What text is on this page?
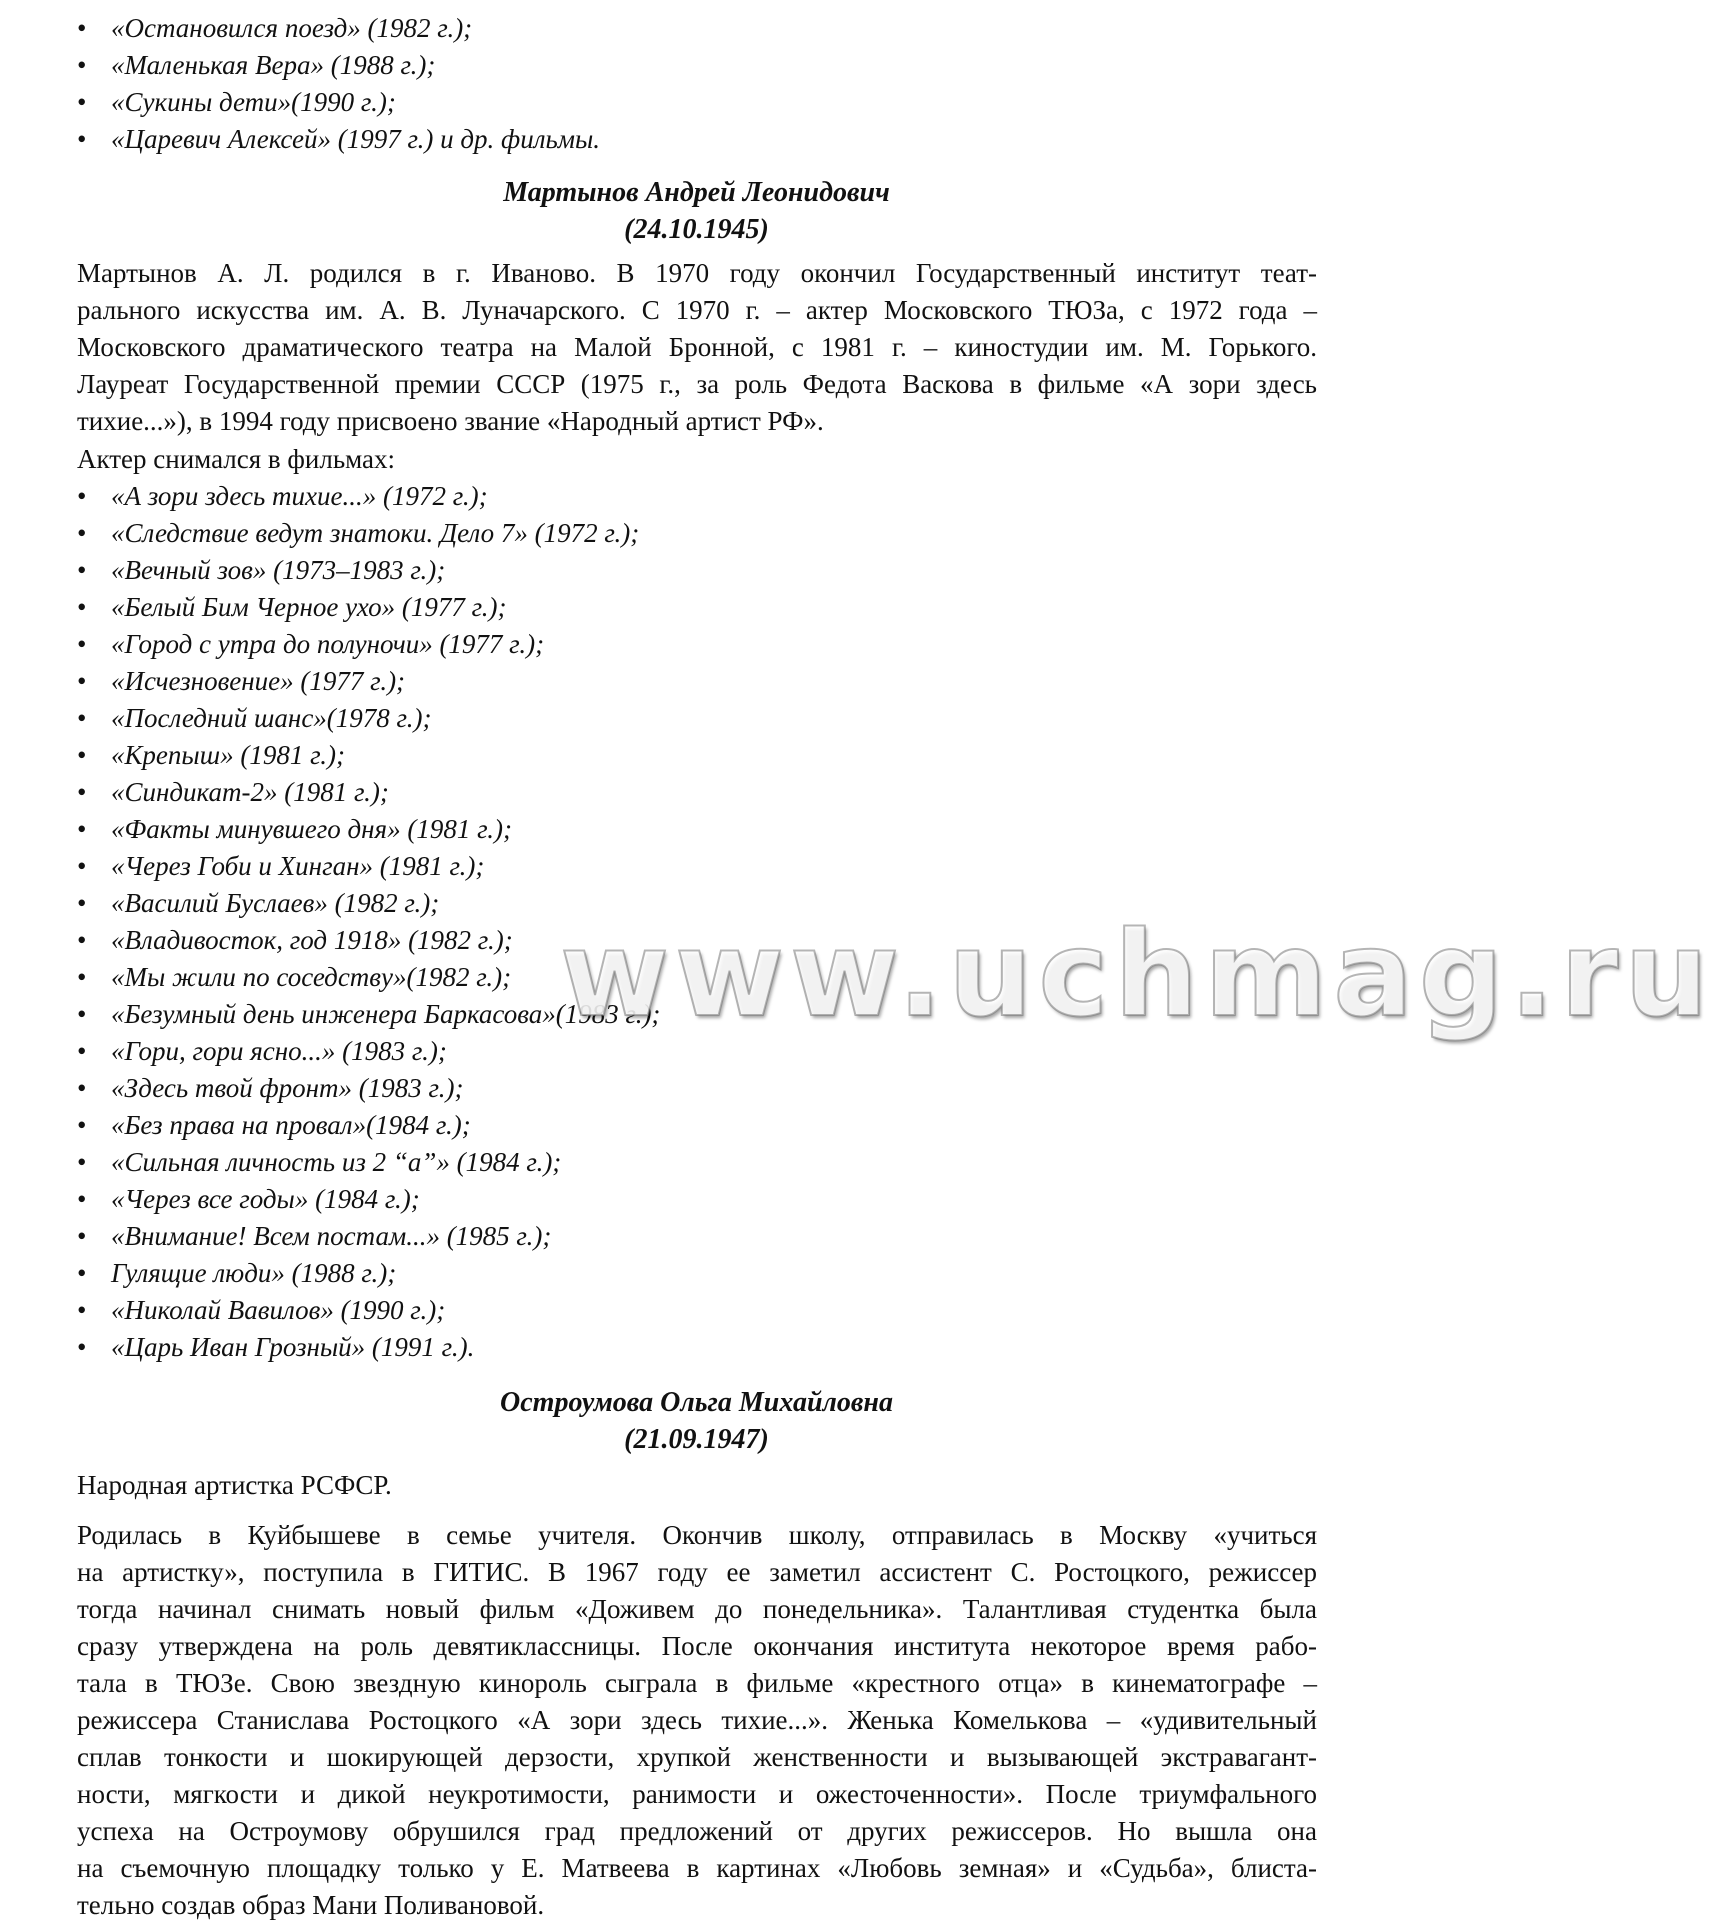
• «Остановился поезд» (1982 г.);
• «Маленькая Вера» (1988 г.);
• «Сукины дети»(1990 г.);
• «Царевич Алексей» (1997 г.) и др. фильмы.
Мартынов Андрей Леонидович
(24.10.1945)
Мартынов А. Л. родился в г. Иваново. В 1970 году окончил Государственный институт теат-
рального искусства им. А. В. Луначарского. С 1970 г. – актер Московского ТЮЗа, с 1972 года –
Московского драматического театра на Малой Бронной, с 1981 г. – киностудии им. М. Горького.
Лауреат Государственной премии СССР (1975 г., за роль Федота Васкова в фильме «А зори здесь
тихие...»), в 1994 году присвоено звание «Народный артист РФ».
Актер снимался в фильмах:
• «А зори здесь тихие...» (1972 г.);
• «Следствие ведут знатоки. Дело 7» (1972 г.);
• «Вечный зов» (1973–1983 г.);
• «Белый Бим Черное ухо» (1977 г.);
• «Город с утра до полуночи» (1977 г.);
• «Исчезновение» (1977 г.);
• «Последний шанс»(1978 г.);
• «Крепыш» (1981 г.);
• «Синдикат-2» (1981 г.);
• «Факты минувшего дня» (1981 г.);
• «Через Гоби и Хинган» (1981 г.);
• «Василий Буслаев» (1982 г.);
• «Владивосток, год 1918» (1982 г.);
• «Мы жили по соседству»(1982 г.);
• «Безумный день инженера Баркасова»(1983 г.);
• «Гори, гори ясно...» (1983 г.);
• «Здесь твой фронт» (1983 г.);
• «Без права на провал»(1984 г.);
• «Сильная личность из 2 “а”» (1984 г.);
• «Через все годы» (1984 г.);
• «Внимание! Всем постам...» (1985 г.);
• Гулящие люди» (1988 г.);
• «Николай Вавилов» (1990 г.);
• «Царь Иван Грозный» (1991 г.).
Остроумова Ольга Михайловна
(21.09.1947)
Народная артистка РСФСР.
Родилась в Куйбышеве в семье учителя. Окончив школу, отправилась в Москву «учиться
на артистку», поступила в ГИТИС. В 1967 году ее заметил ассистент С. Ростоцкого, режиссер
тогда начинал снимать новый фильм «Доживем до понедельника». Талантливая студентка была
сразу утверждена на роль девятиклассницы. После окончания института некоторое время рабо-
тала в ТЮЗе. Свою звездную кинороль сыграла в фильме «крестного отца» в кинематографе –
режиссера Станислава Ростоцкого «А зори здесь тихие...». Женька Комелькова – «удивительный
сплав тонкости и шокирующей дерзости, хрупкой женственности и вызывающей экстравагант-
ности, мягкости и дикой неукротимости, ранимости и ожесточенности». После триумфального
успеха на Остроумову обрушился град предложений от других режиссеров. Но вышла она
на съемочную площадку только у Е. Матвеева в картинах «Любовь земная» и «Судьба», блиста-
тельно создав образ Мани Поливановой.
www.uchmag.ru
